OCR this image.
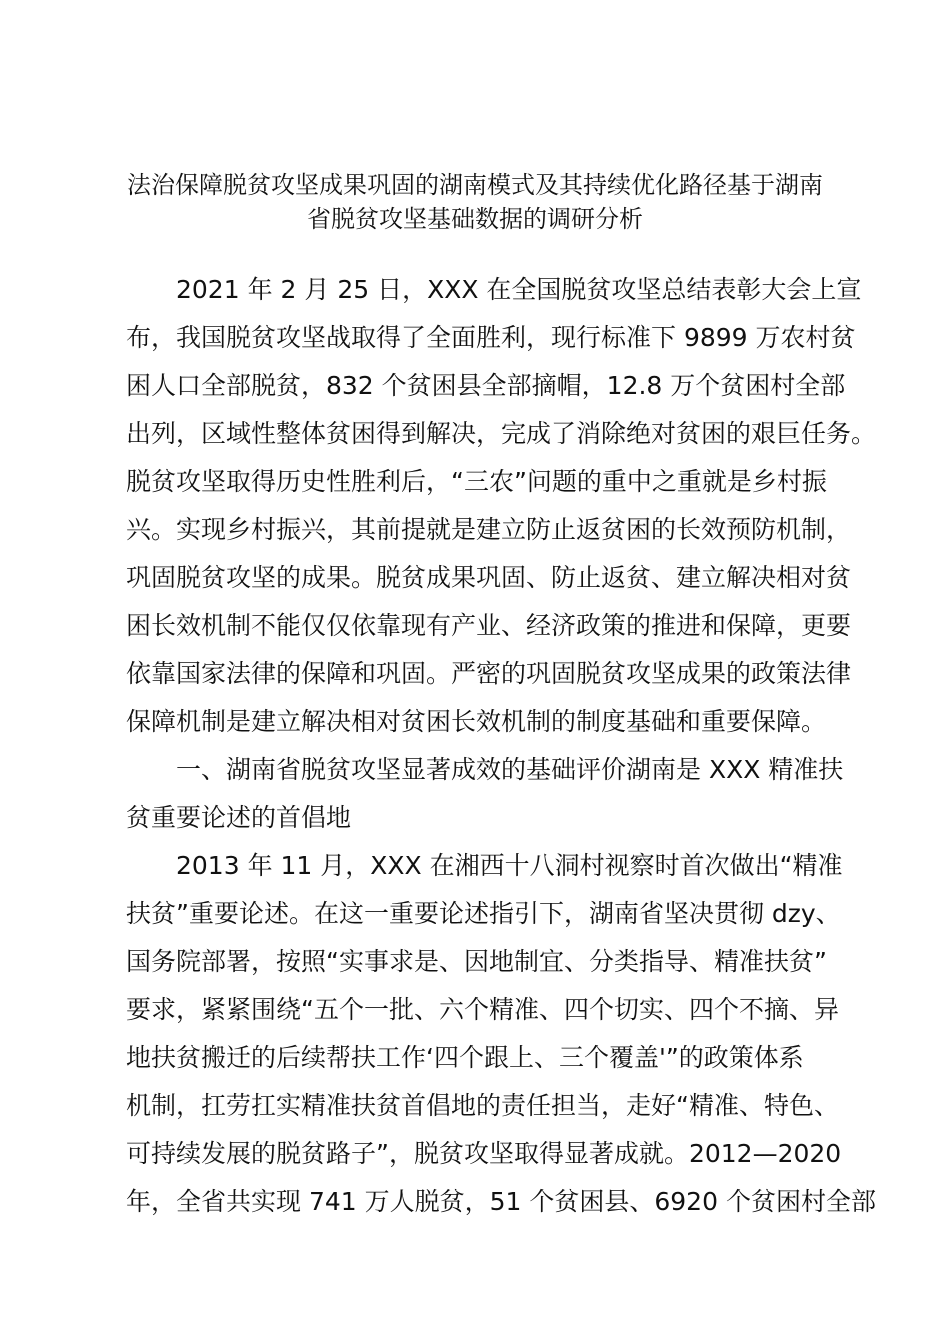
法治保障脱贫攻坚成果巩固的湖南模式及其持续优化路径基于湖南
省脱贫攻坚基础数据的调研分析
2021 年 2 月 25 日，XXX 在全国脱贫攻坚总结表彰大会上宣
布，我国脱贫攻坚战取得了全面胜利，现行标准下 9899 万农村贫
困人口全部脱贫，832 个贫困县全部摘帽，12.8 万个贫困村全部
出列，区域性整体贫困得到解决，完成了消除绝对贫困的艰巨任务。
脱贫攻坚取得历史性胜利后，“三农”问题的重中之重就是乡村振
兴。实现乡村振兴，其前提就是建立防止返贫困的长效预防机制，
巩固脱贫攻坚的成果。脱贫成果巩固、防止返贫、建立解决相对贫
困长效机制不能仅仅依靠现有产业、经济政策的推进和保障，更要
依靠国家法律的保障和巩固。严密的巩固脱贫攻坚成果的政策法律
保障机制是建立解决相对贫困长效机制的制度基础和重要保障。
一、湖南省脱贫攻坚显著成效的基础评价湖南是 XXX 精准扶
贫重要论述的首倡地
2013 年 11 月，XXX 在湘西十八洞村视察时首次做出“精准
扶贫”重要论述。在这一重要论述指引下，湖南省坚决贯彻 dzy、
国务院部署，按照“实事求是、因地制宜、分类指导、精准扶贫”
要求，紧紧围绕“五个一批、六个精准、四个切实、四个不摘、异
地扶贫搬迁的后续帮扶工作‘四个跟上、三个覆盖'”的政策体系
机制，扛劳扛实精准扶贫首倡地的责任担当，走好“精准、特色、
可持续发展的脱贫路子”，脱贫攻坚取得显著成就。2012—2020
年，全省共实现 741 万人脱贫，51 个贫困县、6920 个贫困村全部
